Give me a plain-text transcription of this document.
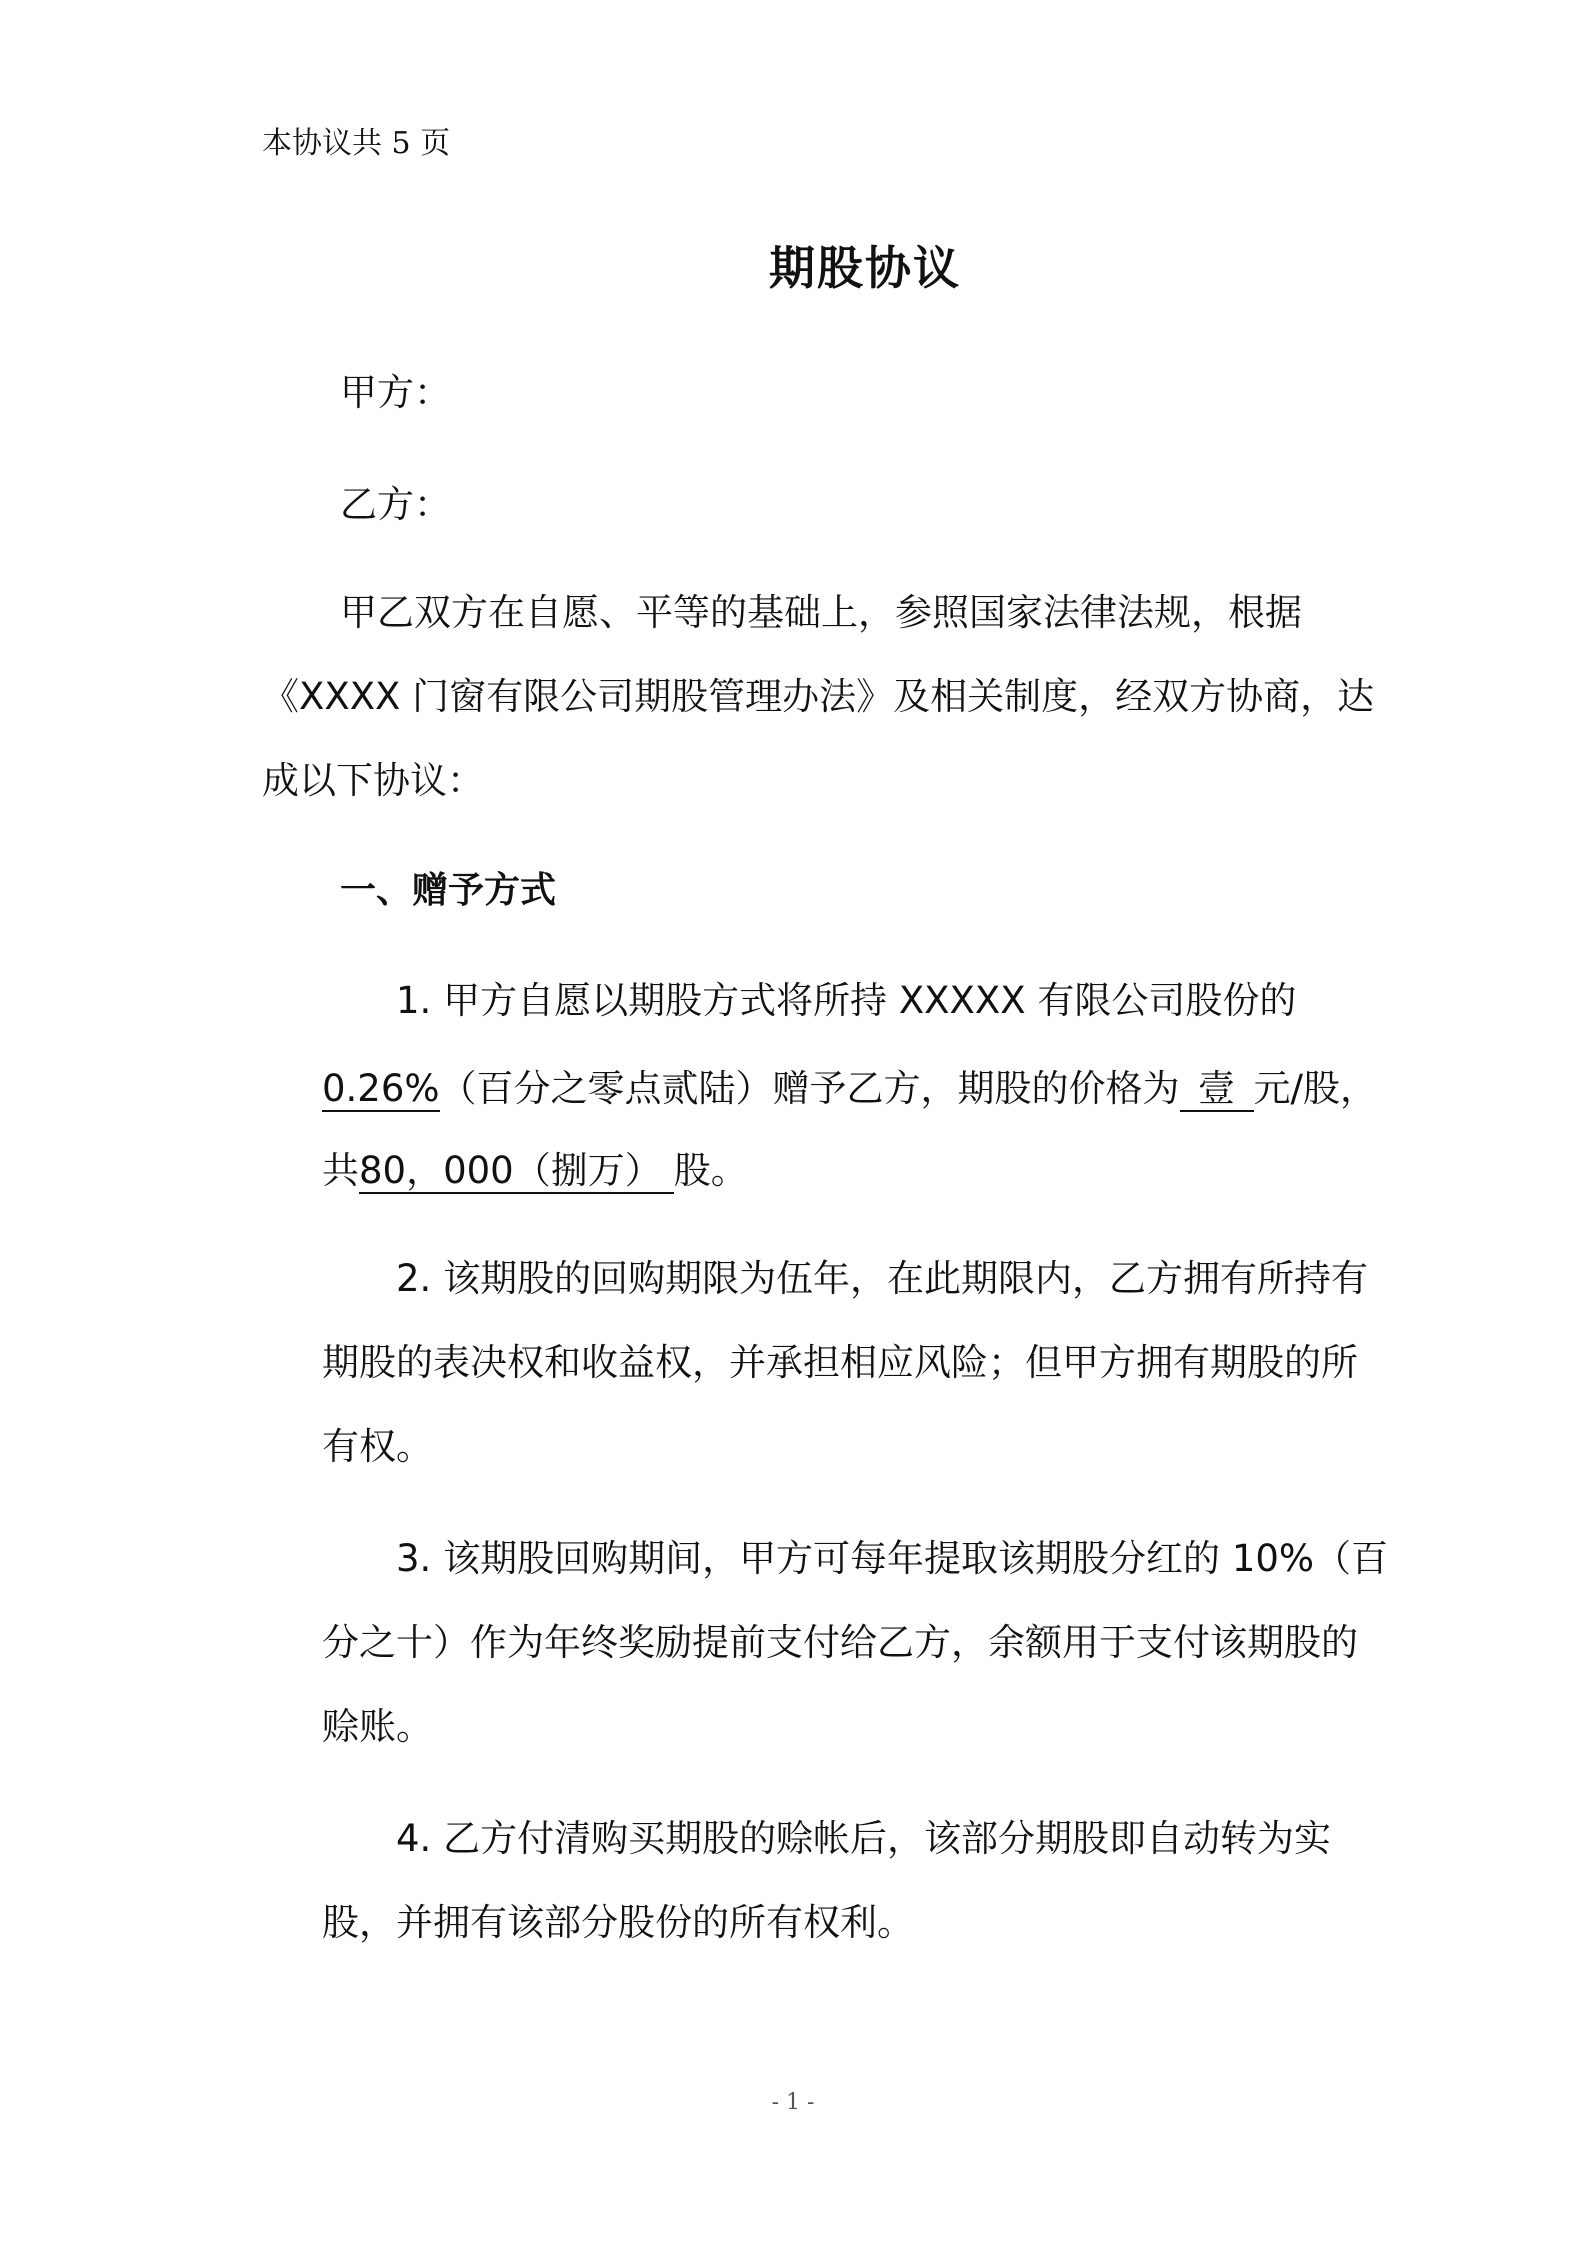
本协议共 5 页
期股协议
甲方：
乙方：
甲乙双方在自愿、平等的基础上，参照国家法律法规，根据
《XXXX 门窗有限公司期股管理办法》及相关制度，经双方协商，达
成以下协议：
一、赠予方式
1. 甲方自愿以期股方式将所持 XXXXX 有限公司股份的
0.26%（百分之零点贰陆）赠予乙方，期股的价格为 壹 元/股，
共80，000（捌万） 股。
2. 该期股的回购期限为伍年，在此期限内，乙方拥有所持有
期股的表决权和收益权，并承担相应风险；但甲方拥有期股的所
有权。
3. 该期股回购期间，甲方可每年提取该期股分红的 10%（百
分之十）作为年终奖励提前支付给乙方，余额用于支付该期股的
赊账。
4. 乙方付清购买期股的赊帐后，该部分期股即自动转为实
股，并拥有该部分股份的所有权利。
- 1 -
